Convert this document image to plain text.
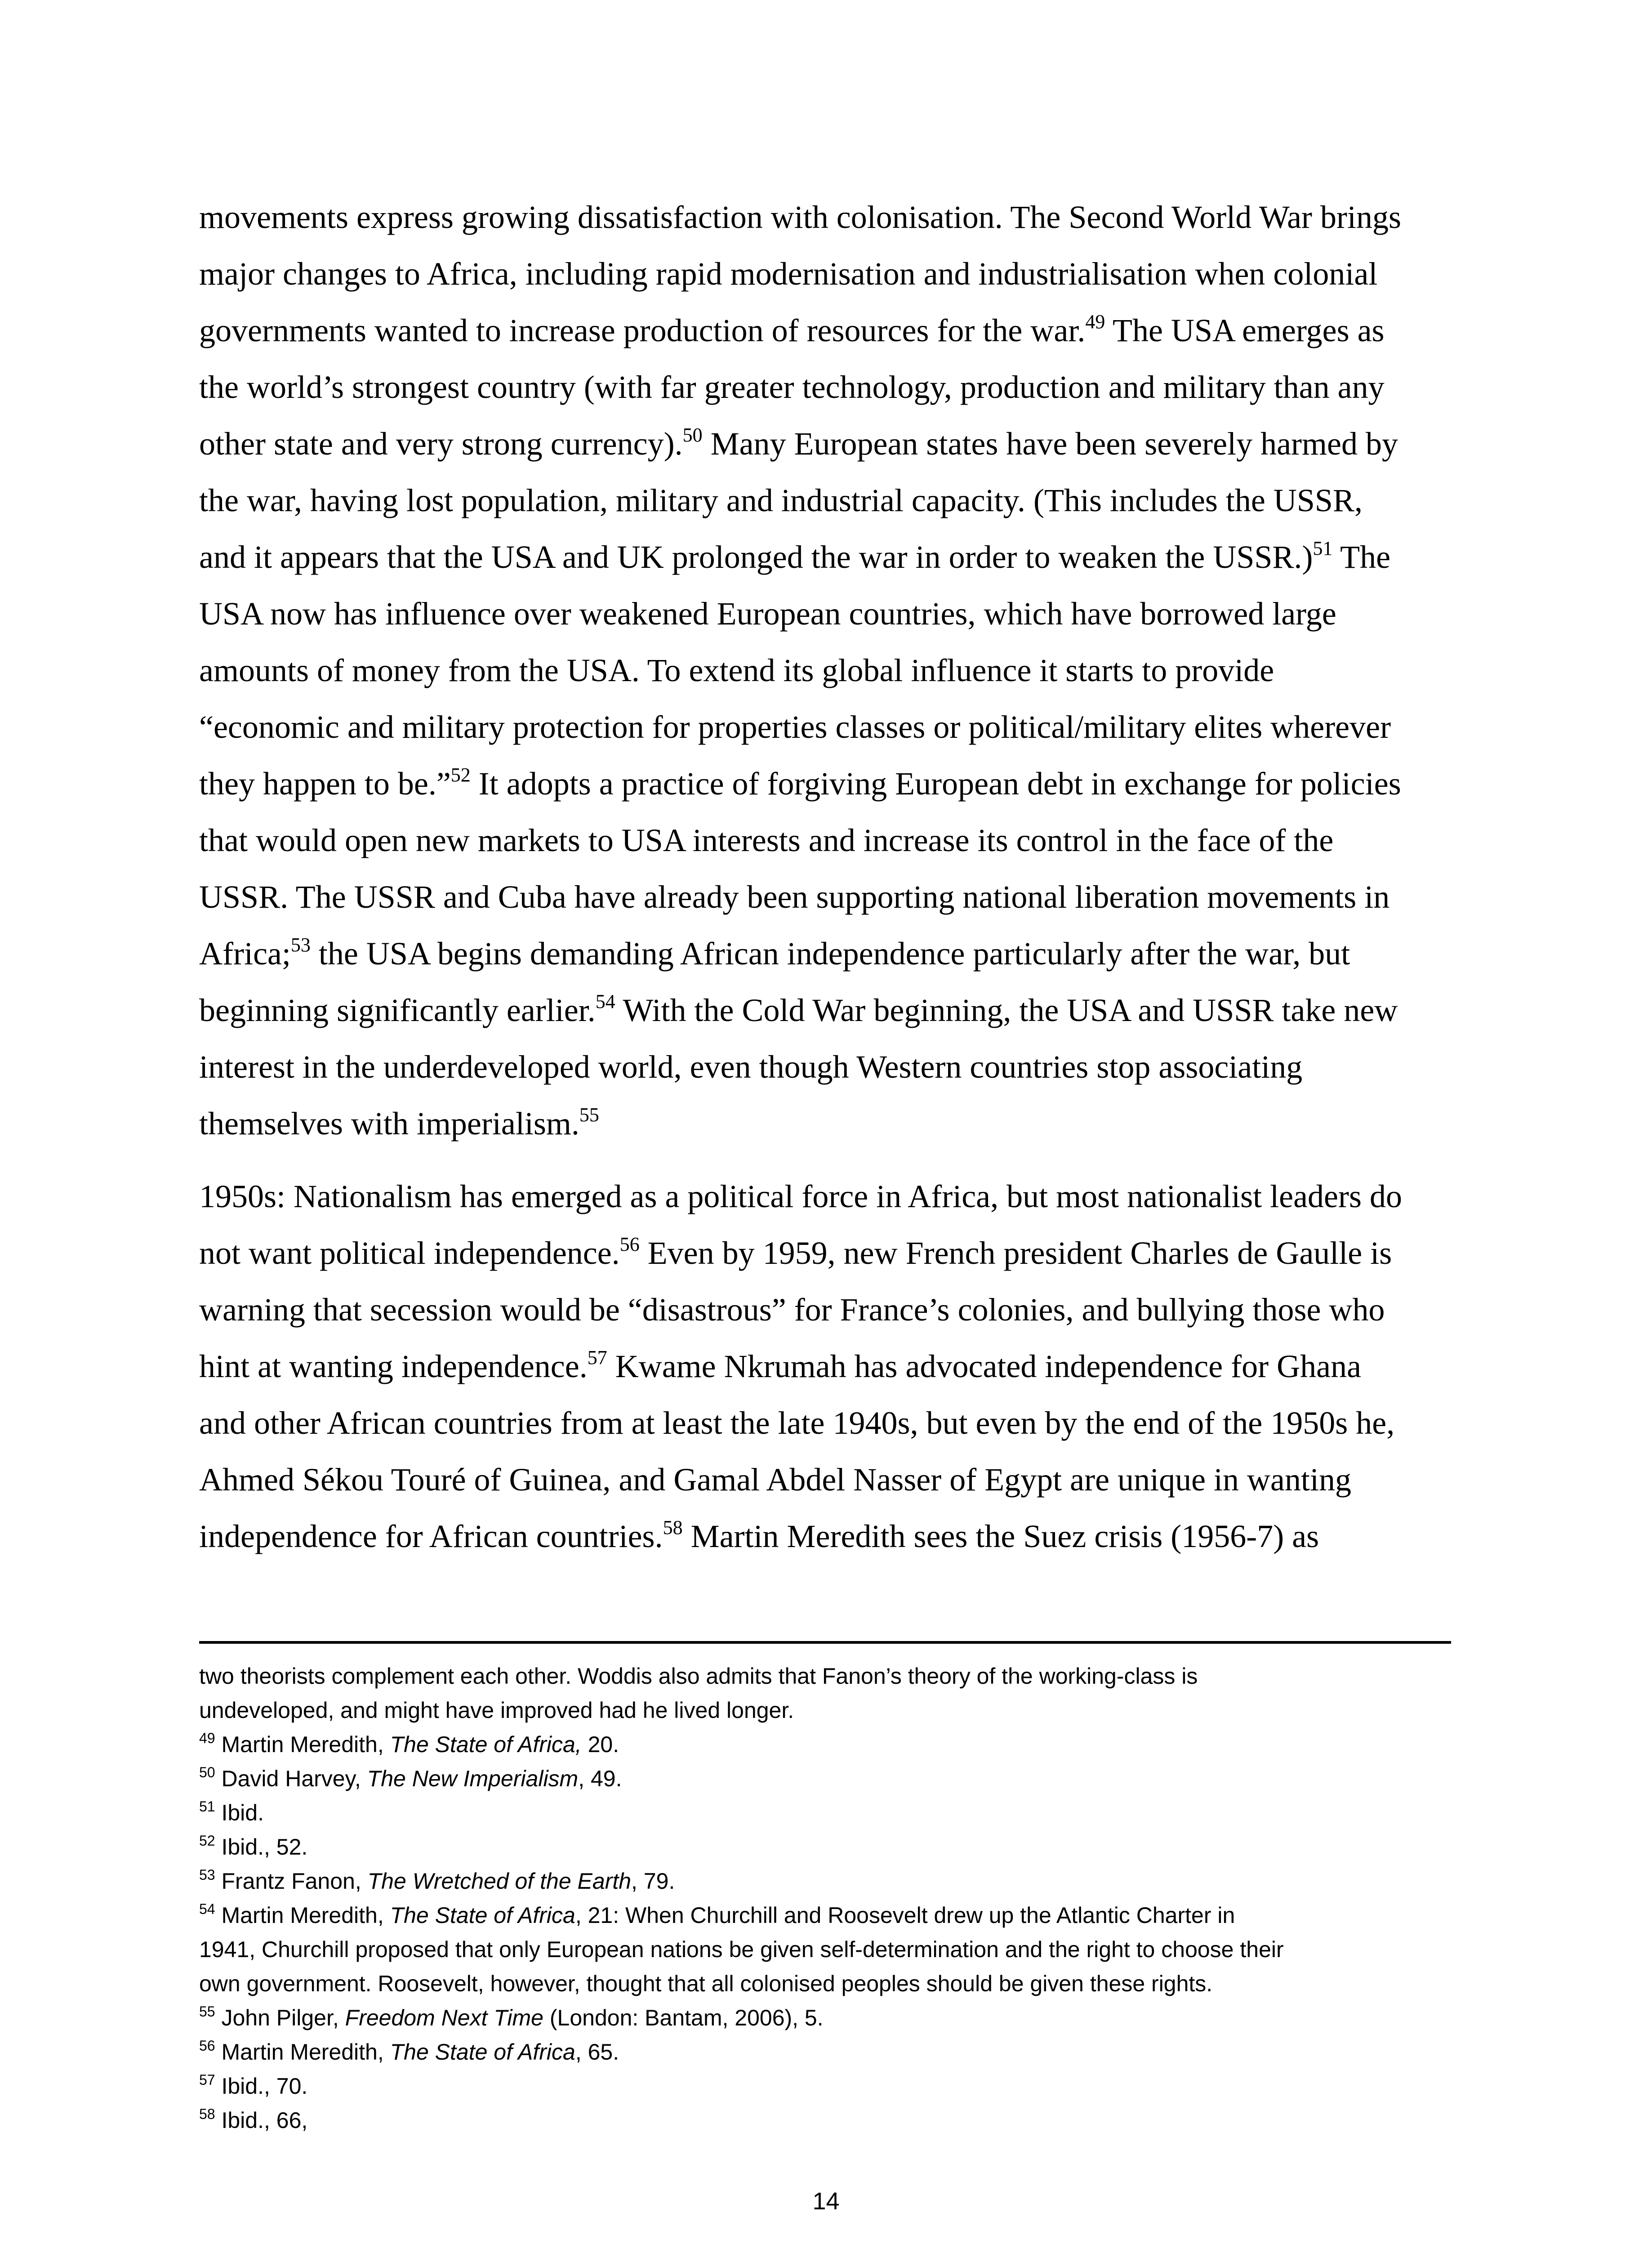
movements express growing dissatisfaction with colonisation. The Second World War brings
major changes to Africa, including rapid modernisation and industrialisation when colonial
governments wanted to increase production of resources for the war.$^{49}$ The USA emerges as
the world’s strongest country (with far greater technology, production and military than any
other state and very strong currency).$^{50}$ Many European states have been severely harmed by
the war, having lost population, military and industrial capacity. (This includes the USSR,
and it appears that the USA and UK prolonged the war in order to weaken the USSR.)$^{51}$ The
USA now has influence over weakened European countries, which have borrowed large
amounts of money from the USA. To extend its global influence it starts to provide
“economic and military protection for properties classes or political/military elites wherever
they happen to be.”$^{52}$ It adopts a practice of forgiving European debt in exchange for policies
that would open new markets to USA interests and increase its control in the face of the
USSR. The USSR and Cuba have already been supporting national liberation movements in
Africa;$^{53}$ the USA begins demanding African independence particularly after the war, but
beginning significantly earlier.$^{54}$ With the Cold War beginning, the USA and USSR take new
interest in the underdeveloped world, even though Western countries stop associating
themselves with imperialism.$^{55}$

1950s: Nationalism has emerged as a political force in Africa, but most nationalist leaders do
not want political independence.$^{56}$ Even by 1959, new French president Charles de Gaulle is
warning that secession would be “disastrous” for France’s colonies, and bullying those who
hint at wanting independence.$^{57}$ Kwame Nkrumah has advocated independence for Ghana
and other African countries from at least the late 1940s, but even by the end of the 1950s he,
Ahmed Sékou Touré of Guinea, and Gamal Abdel Nasser of Egypt are unique in wanting
independence for African countries.$^{58}$ Martin Meredith sees the Suez crisis (1956-7) as

two theorists complement each other. Woddis also admits that Fanon’s theory of the working-class is
undeveloped, and might have improved had he lived longer.
$^{49}$ Martin Meredith, The State of Africa, 20.
$^{50}$ David Harvey, The New Imperialism, 49.
$^{51}$ Ibid.
$^{52}$ Ibid., 52.
$^{53}$ Frantz Fanon, The Wretched of the Earth, 79.
$^{54}$ Martin Meredith, The State of Africa, 21: When Churchill and Roosevelt drew up the Atlantic Charter in
1941, Churchill proposed that only European nations be given self-determination and the right to choose their
own government. Roosevelt, however, thought that all colonised peoples should be given these rights.
$^{55}$ John Pilger, Freedom Next Time (London: Bantam, 2006), 5.
$^{56}$ Martin Meredith, The State of Africa, 65.
$^{57}$ Ibid., 70.
$^{58}$ Ibid., 66,
14
